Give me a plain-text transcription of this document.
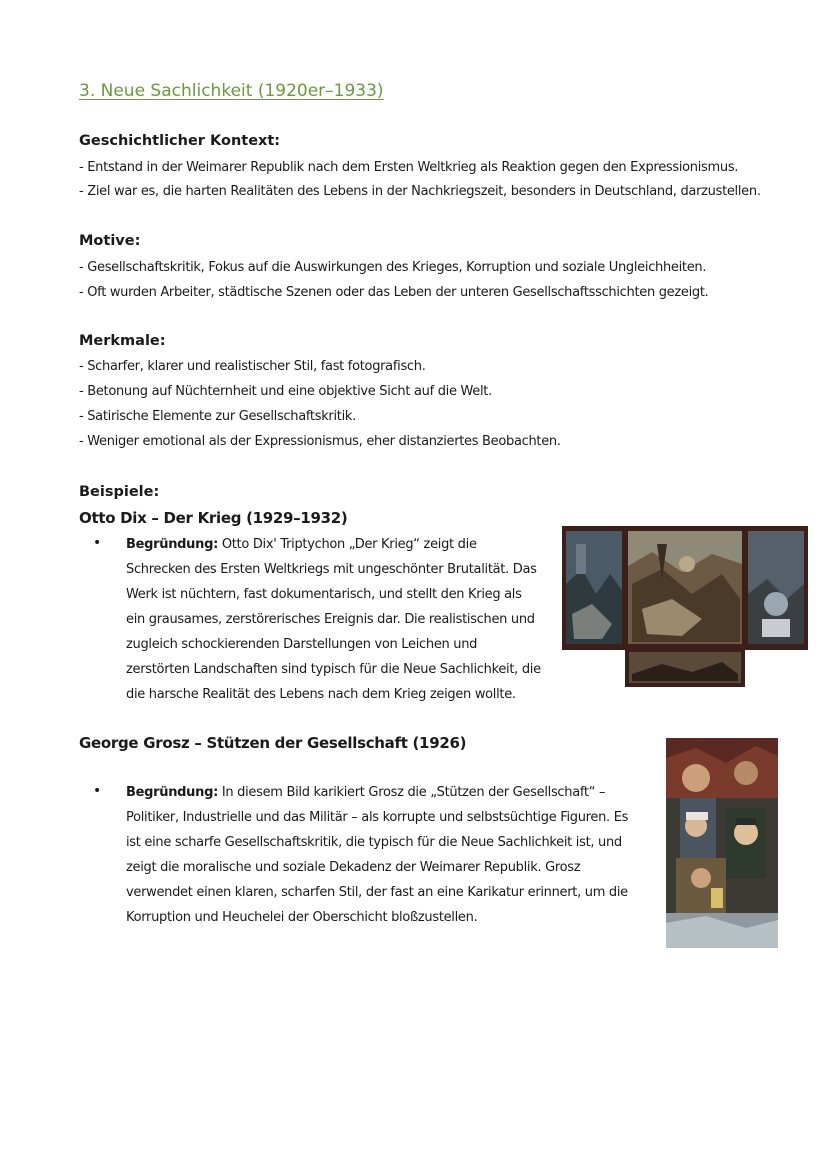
3. Neue Sachlichkeit (1920er–1933)
Geschichtlicher Kontext:

- Entstand in der Weimarer Republik nach dem Ersten Weltkrieg als Reaktion gegen den Expressionismus.

- Ziel war es, die harten Realitäten des Lebens in der Nachkriegszeit, besonders in Deutschland, darzustellen.

Motive:

- Gesellschaftskritik, Fokus auf die Auswirkungen des Krieges, Korruption und soziale Ungleichheiten.

- Oft wurden Arbeiter, städtische Szenen oder das Leben der unteren Gesellschaftsschichten gezeigt.

Merkmale:

- Scharfer, klarer und realistischer Stil, fast fotografisch.

- Betonung auf Nüchternheit und eine objektive Sicht auf die Welt.

- Satirische Elemente zur Gesellschaftskritik.

- Weniger emotional als der Expressionismus, eher distanziertes Beobachten.

Beispiele:
Otto Dix – Der Krieg (1929–1932)
• Begründung: Otto Dix' Triptychon „Der Krieg“ zeigt die Schrecken des Ersten Weltkriegs mit ungeschönter Brutalität. Das Werk ist nüchtern, fast dokumentarisch, und stellt den Krieg als ein grausames, zerstörerisches Ereignis dar. Die realistischen und zugleich schockierenden Darstellungen von Leichen und zerstörten Landschaften sind typisch für die Neue Sachlichkeit, die die harsche Realität des Lebens nach dem Krieg zeigen wollte.

George Grosz – Stützen der Gesellschaft (1926)
• Begründung: In diesem Bild karikiert Grosz die „Stützen der Gesellschaft“ – Politiker, Industrielle und das Militär – als korrupte und selbstsüchtige Figuren. Es ist eine scharfe Gesellschaftskritik, die typisch für die Neue Sachlichkeit ist, und zeigt die moralische und soziale Dekadenz der Weimarer Republik. Grosz verwendet einen klaren, scharfen Stil, der fast an eine Karikatur erinnert, um die Korruption und Heuchelei der Oberschicht bloßzustellen.
